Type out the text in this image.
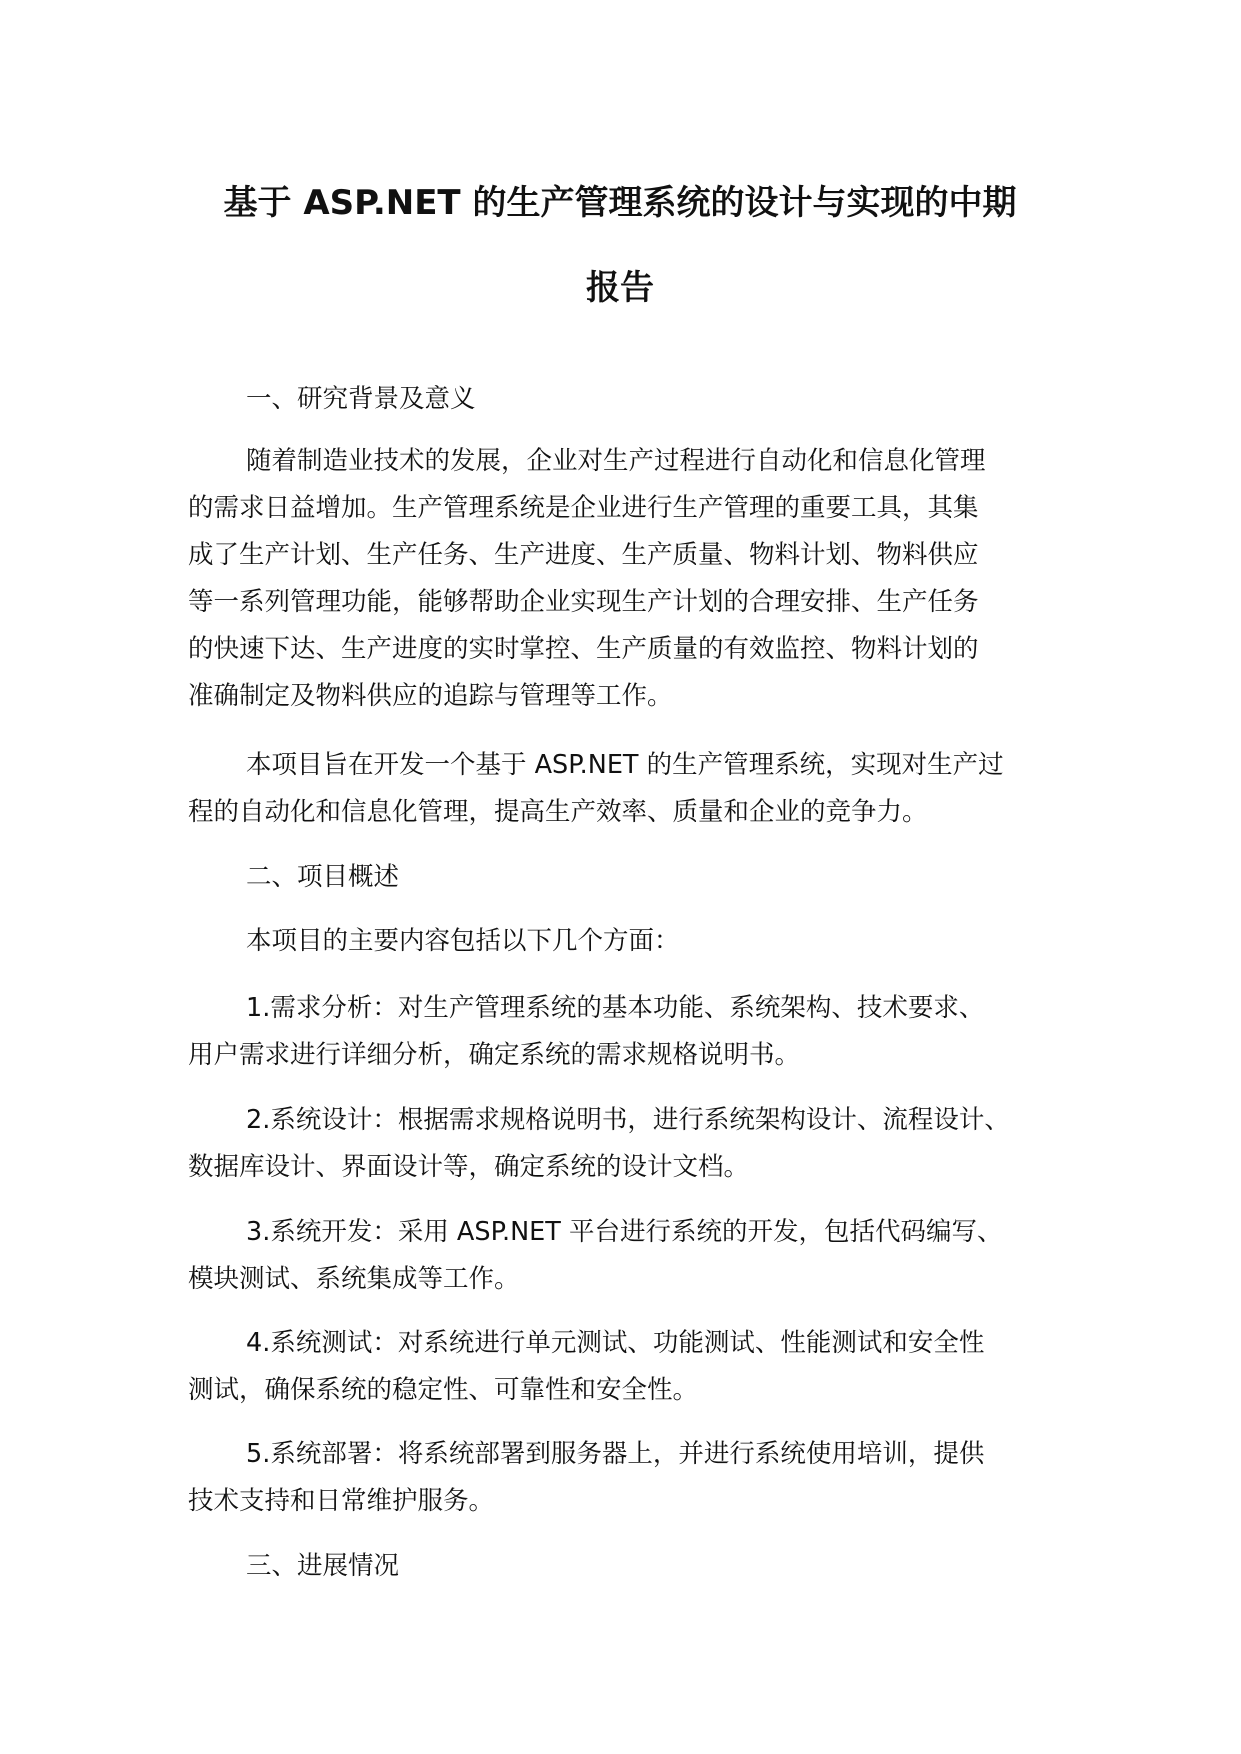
基于 ASP.NET 的生产管理系统的设计与实现的中期
报告

一、研究背景及意义

随着制造业技术的发展，企业对生产过程进行自动化和信息化管理

的需求日益增加。生产管理系统是企业进行生产管理的重要工具，其集

成了生产计划、生产任务、生产进度、生产质量、物料计划、物料供应

等一系列管理功能，能够帮助企业实现生产计划的合理安排、生产任务

的快速下达、生产进度的实时掌控、生产质量的有效监控、物料计划的

准确制定及物料供应的追踪与管理等工作。

本项目旨在开发一个基于 ASP.NET 的生产管理系统，实现对生产过

程的自动化和信息化管理，提高生产效率、质量和企业的竞争力。

二、项目概述

本项目的主要内容包括以下几个方面：

1.需求分析：对生产管理系统的基本功能、系统架构、技术要求、

用户需求进行详细分析，确定系统的需求规格说明书。

2.系统设计：根据需求规格说明书，进行系统架构设计、流程设计、

数据库设计、界面设计等，确定系统的设计文档。

3.系统开发：采用 ASP.NET 平台进行系统的开发，包括代码编写、

模块测试、系统集成等工作。

4.系统测试：对系统进行单元测试、功能测试、性能测试和安全性

测试，确保系统的稳定性、可靠性和安全性。

5.系统部署：将系统部署到服务器上，并进行系统使用培训，提供

技术支持和日常维护服务。

三、进展情况
